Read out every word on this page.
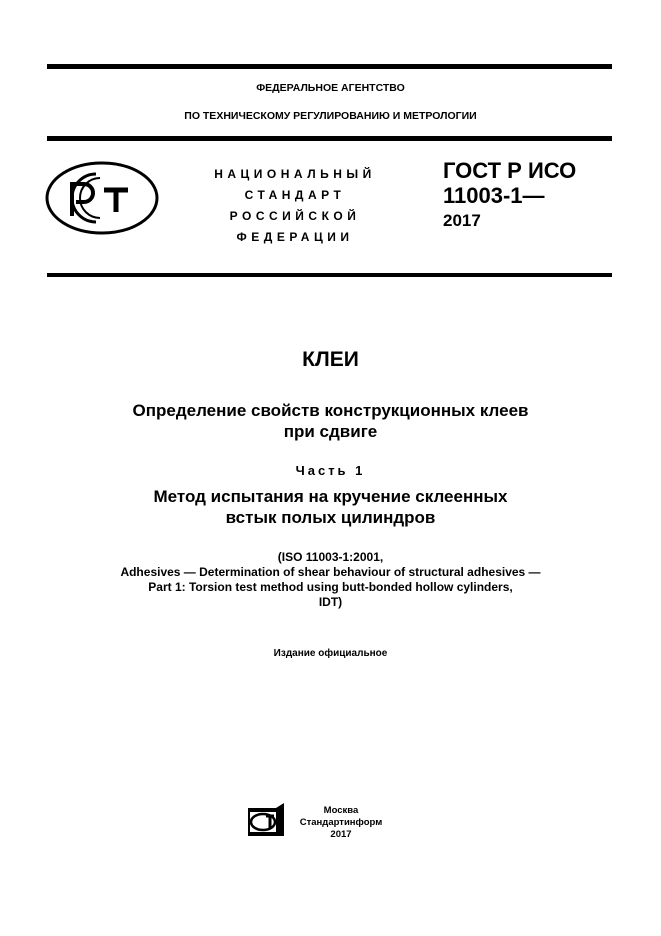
ФЕДЕРАЛЬНОЕ АГЕНТСТВО
ПО ТЕХНИЧЕСКОМУ РЕГУЛИРОВАНИЮ И МЕТРОЛОГИИ
НАЦИОНАЛЬНЫЙ
СТАНДАРТ
РОССИЙСКОЙ
ФЕДЕРАЦИИ
ГОСТ Р ИСО
11003-1—
2017
КЛЕИ
Определение свойств конструкционных клеев
при сдвиге
Часть 1
Метод испытания на кручение склеенных
встык полых цилиндров
(ISO 11003-1:2001,
Adhesives — Determination of shear behaviour of structural adhesives —
Part 1: Torsion test method using butt-bonded hollow cylinders,
IDT)
Издание официальное
Москва
Стандартинформ
2017
